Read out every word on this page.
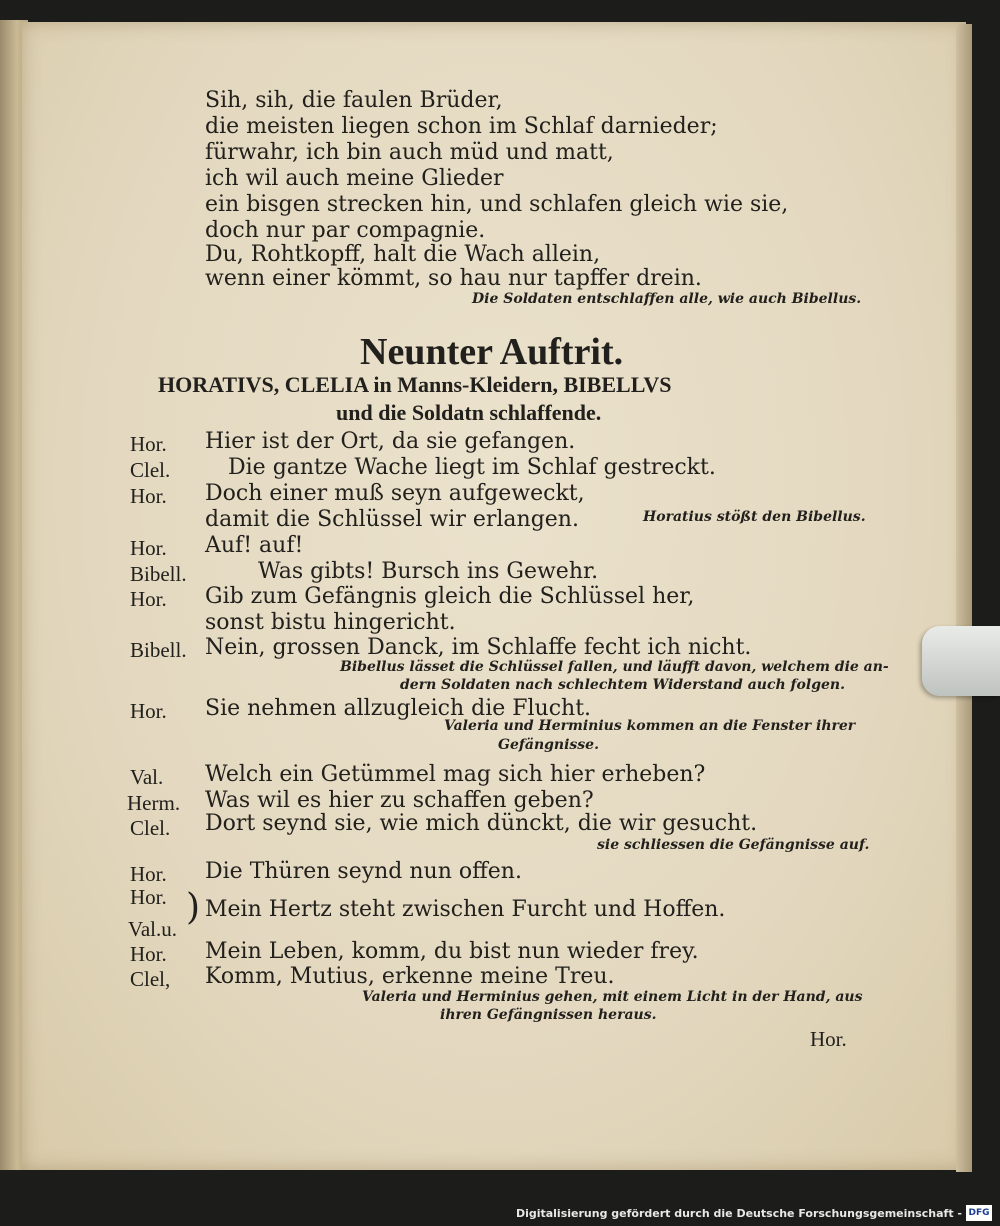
Sih, sih, die faulen Brüder,
die meisten liegen schon im Schlaf darnieder;
fürwahr, ich bin auch müd und matt,
ich wil auch meine Glieder
ein bisgen strecken hin, und schlafen gleich wie sie,
doch nur par compagnie.
Du, Rohtkopff, halt die Wach allein,
wenn einer kömmt, so hau nur tapffer drein.
Die Soldaten entschlaffen alle, wie auch Bibellus.
Neunter Auftrit.
HORATIVS, CLELIA in Manns-Kleidern, BIBELLVS
und die Soldatn schlaffende.
Hor. Hier ist der Ort, da sie gefangen.
Clel.	Die gantze Wache liegt im Schlaf gestreckt.
Hor. Doch einer muß seyn aufgeweckt,
damit die Schlüssel wir erlangen.	Horatius stößt den Bibellus.
Hor. Auf! auf!
Bibell.	Was gibts! Bursch ins Gewehr.
Hor. Gib zum Gefängnis gleich die Schlüssel her,
sonst bistu hingericht.
Bibell. Nein, grossen Danck, im Schlaffe fecht ich nicht.
Bibellus lässet die Schlüssel fallen, und läufft davon, welchem die an-
dern Soldaten nach schlechtem Widerstand auch folgen.
Hor. Sie nehmen allzugleich die Flucht.
Valeria und Herminius kommen an die Fenster ihrer
Gefängnisse.
Val. Welch ein Getümmel mag sich hier erheben?
Herm. Was wil es hier zu schaffen geben?
Clel. Dort seynd sie, wie mich dünckt, die wir gesucht.
sie schliessen die Gefängnisse auf.
Hor. Die Thüren seynd nun offen.
Hor.
Val.u.
) Mein Hertz steht zwischen Furcht und Hoffen.
Hor. Mein Leben, komm, du bist nun wieder frey.
Clel, Komm, Mutius, erkenne meine Treu.
Valeria und Herminius gehen, mit einem Licht in der Hand, aus
ihren Gefängnissen heraus.
Hor.
Digitalisierung gefördert durch die Deutsche Forschungsgemeinschaft - DFG
